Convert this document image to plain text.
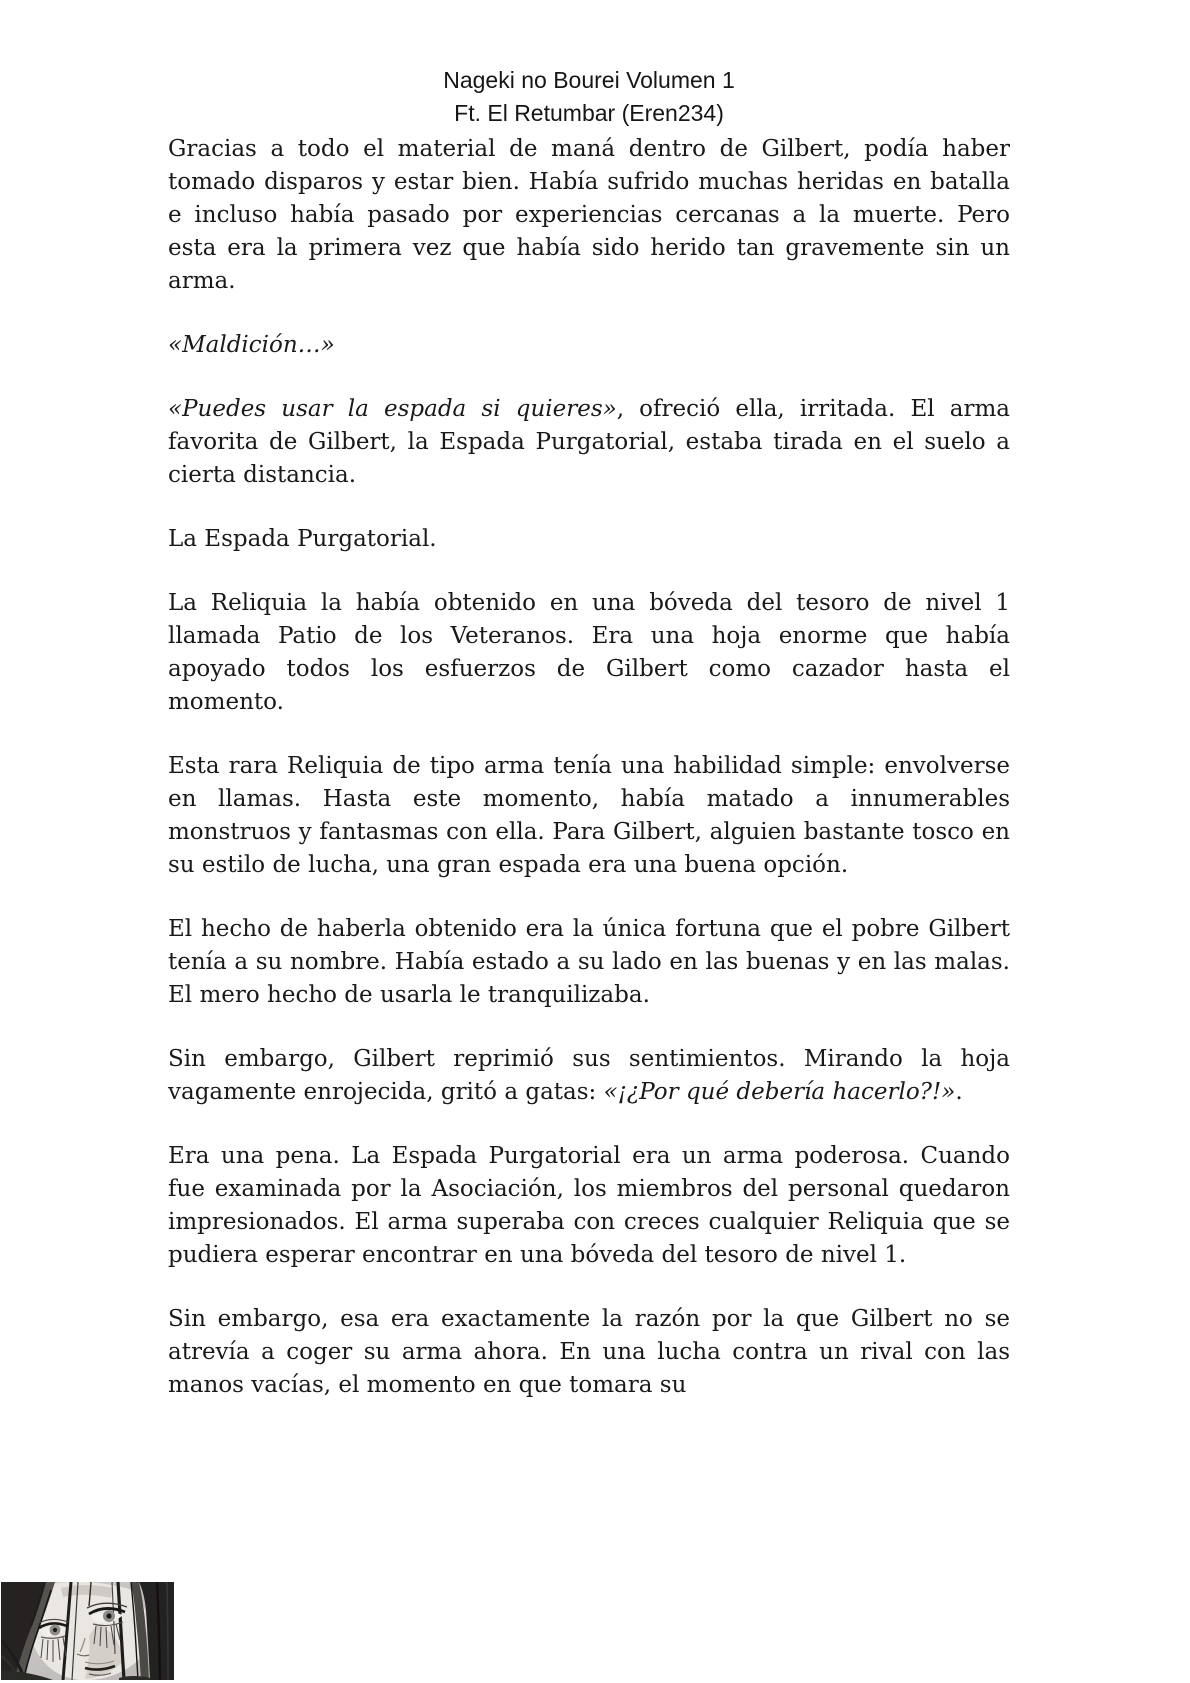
Nageki no Bourei Volumen 1
Ft. El Retumbar (Eren234)

Gracias a todo el material de maná dentro de Gilbert, podía haber tomado disparos y estar bien. Había sufrido muchas heridas en batalla e incluso había pasado por experiencias cercanas a la muerte. Pero esta era la primera vez que había sido herido tan gravemente sin un arma.

«Maldición…»

«Puedes usar la espada si quieres», ofreció ella, irritada. El arma favorita de Gilbert, la Espada Purgatorial, estaba tirada en el suelo a cierta distancia.

La Espada Purgatorial.

La Reliquia la había obtenido en una bóveda del tesoro de nivel 1 llamada Patio de los Veteranos. Era una hoja enorme que había apoyado todos los esfuerzos de Gilbert como cazador hasta el momento.

Esta rara Reliquia de tipo arma tenía una habilidad simple: envolverse en llamas. Hasta este momento, había matado a innumerables monstruos y fantasmas con ella. Para Gilbert, alguien bastante tosco en su estilo de lucha, una gran espada era una buena opción.

El hecho de haberla obtenido era la única fortuna que el pobre Gilbert tenía a su nombre. Había estado a su lado en las buenas y en las malas. El mero hecho de usarla le tranquilizaba.

Sin embargo, Gilbert reprimió sus sentimientos. Mirando la hoja vagamente enrojecida, gritó a gatas: «¡¿Por qué debería hacerlo?!».

Era una pena. La Espada Purgatorial era un arma poderosa. Cuando fue examinada por la Asociación, los miembros del personal quedaron impresionados. El arma superaba con creces cualquier Reliquia que se pudiera esperar encontrar en una bóveda del tesoro de nivel 1.

Sin embargo, esa era exactamente la razón por la que Gilbert no se atrevía a coger su arma ahora. En una lucha contra un rival con las manos vacías, el momento en que tomara su
